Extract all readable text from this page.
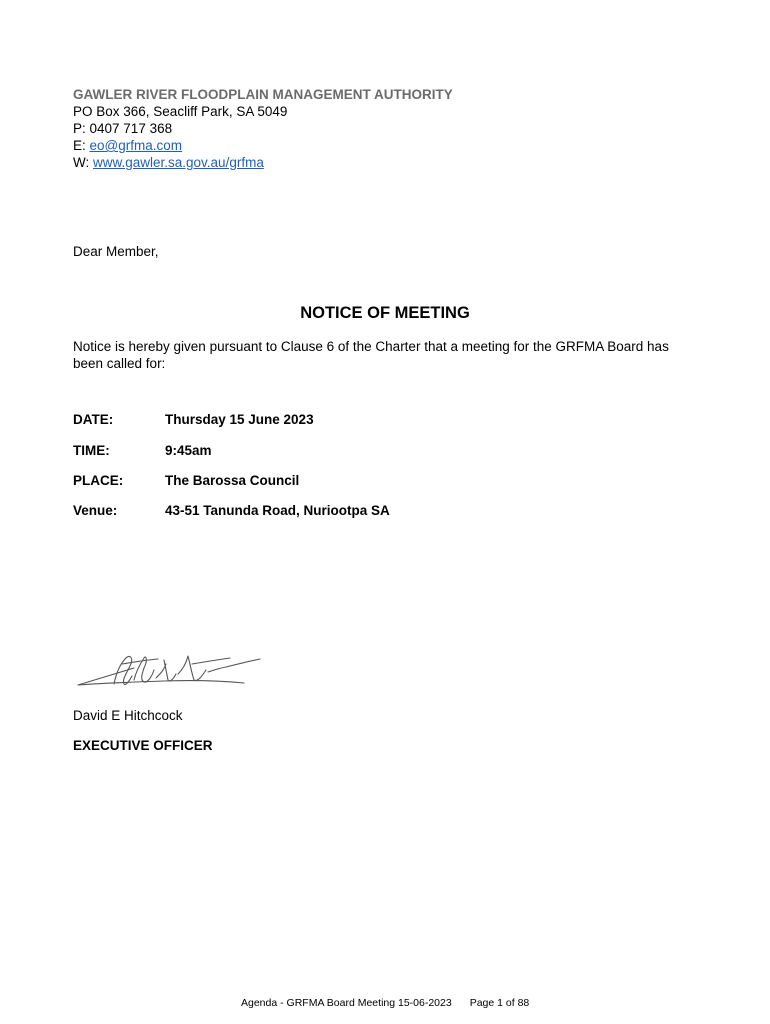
GAWLER RIVER FLOODPLAIN MANAGEMENT AUTHORITY
PO Box 366, Seacliff Park, SA 5049
P: 0407 717 368
E: eo@grfma.com
W: www.gawler.sa.gov.au/grfma
Dear Member,
NOTICE OF MEETING
Notice is hereby given pursuant to Clause 6 of the Charter that a meeting for the GRFMA Board has been called for:
DATE:	Thursday 15 June 2023
TIME:	9:45am
PLACE:	The Barossa Council
Venue:	43-51 Tanunda Road, Nuriootpa SA
David E Hitchcock
EXECUTIVE OFFICER
Agenda - GRFMA Board Meeting 15-06-2023 Page 1 of 88
